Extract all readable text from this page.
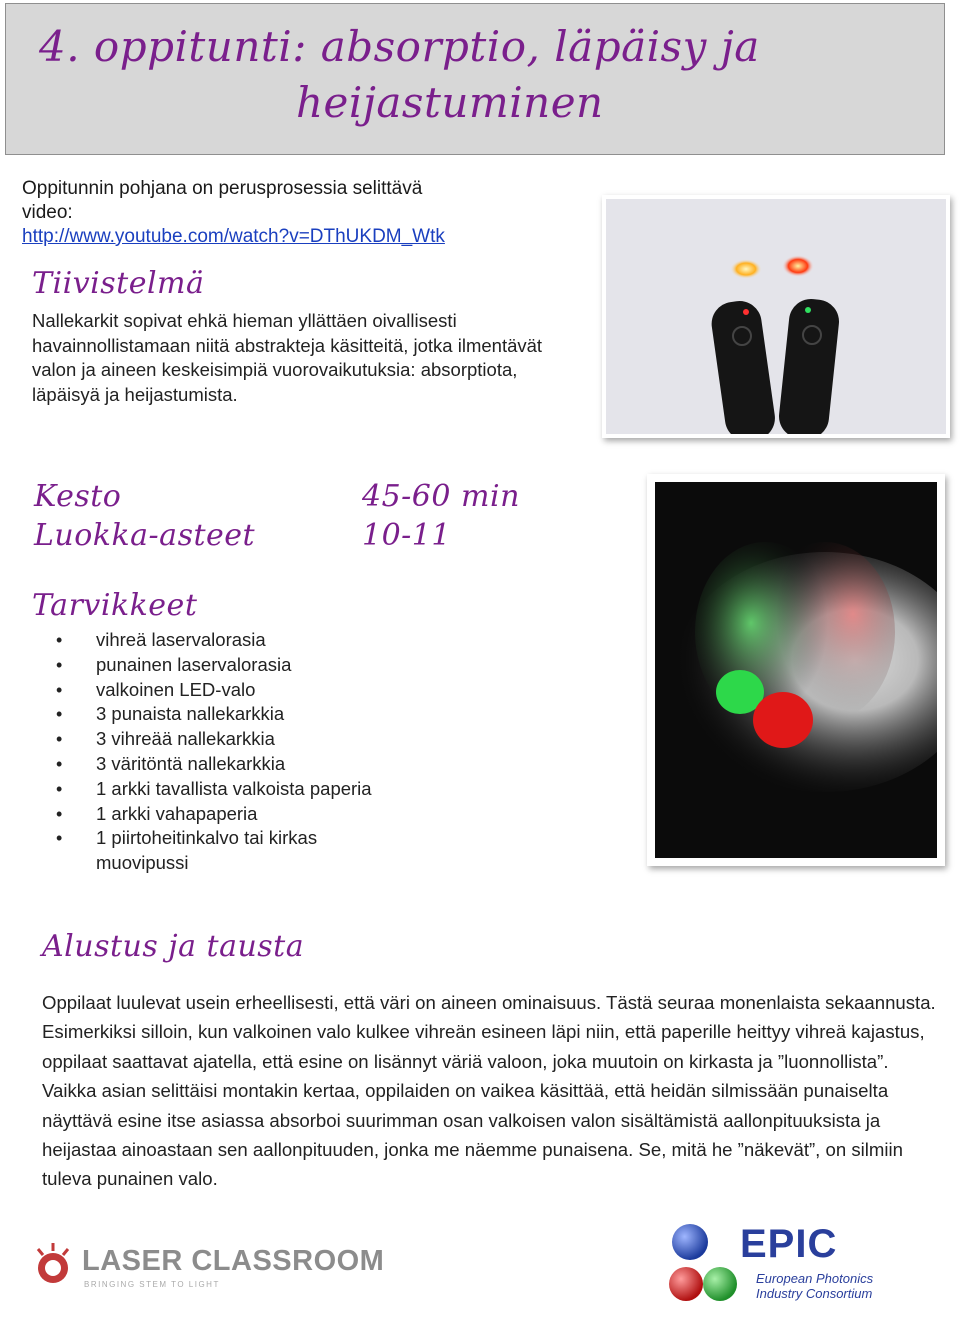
4. oppitunti: absorptio, läpäisy ja
heijastuminen
Oppitunnin pohjana on perusprosessia selittävä
video:
http://www.youtube.com/watch?v=DThUKDM_Wtk
Tiivistelmä
Nallekarkit sopivat ehkä hieman yllättäen oivallisesti havainnollistamaan niitä abstrakteja käsitteitä, jotka ilmentävät valon ja aineen keskeisimpiä vuorovaikutuksia: absorptiota, läpäisyä ja heijastumista.
Kesto	45-60 min
Luokka-asteet	10-11
Tarvikkeet
• vihreä laservalorasia
• punainen laservalorasia
• valkoinen LED-valo
• 3 punaista nallekarkkia
• 3 vihreää nallekarkkia
• 3 väritöntä nallekarkkia
• 1 arkki tavallista valkoista paperia
• 1 arkki vahapaperia
• 1 piirtoheitinkalvo tai kirkas muovipussi
Alustus ja tausta

Oppilaat luulevat usein erheellisesti, että väri on aineen ominaisuus. Tästä seuraa monenlaista sekaannusta. Esimerkiksi silloin, kun valkoinen valo kulkee vihreän esineen läpi niin, että paperille heittyy vihreä kajastus, oppilaat saattavat ajatella, että esine on lisännyt väriä valoon, joka muutoin on kirkasta ja ”luonnollista”. Vaikka asian selittäisi montakin kertaa, oppilaiden on vaikea käsittää, että heidän silmissään punaiselta näyttävä esine itse asiassa absorboi suurimman osan valkoisen valon sisältämistä aallonpituuksista ja heijastaa ainoastaan sen aallonpituuden, jonka me näemme punaisena. Se, mitä he ”näkevät”, on silmiin tuleva punainen valo.

LASER CLASSROOM
BRINGING STEM TO LIGHT
EPIC
European Photonics
Industry Consortium
